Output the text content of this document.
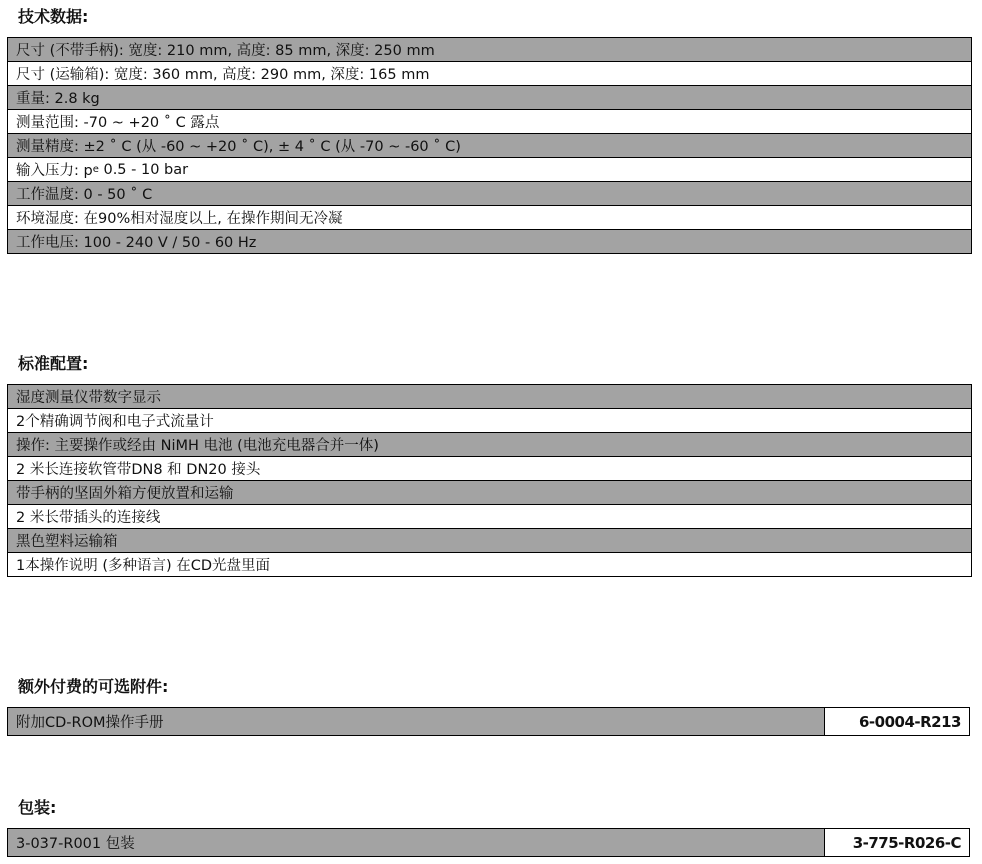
技术数据:
尺寸 (不带手柄): 宽度: 210 mm, 高度: 85 mm, 深度: 250 mm
尺寸 (运输箱): 宽度: 360 mm, 高度: 290 mm, 深度: 165 mm
重量: 2.8 kg
测量范围: -70 ~ +20 ˚ C 露点
测量精度: ±2 ˚ C (从 -60 ~ +20 ˚ C), ± 4 ˚ C (从 -70 ~ -60 ˚ C)
输入压力: p e 0.5 - 10 bar
工作温度: 0 - 50 ˚ C
环境湿度: 在90%相对湿度以上, 在操作期间无冷凝
工作电压: 100 - 240 V / 50 - 60 Hz
标准配置:
湿度测量仪带数字显示
2个精确调节阀和电子式流量计
操作: 主要操作或经由 NiMH 电池 (电池充电器合并一体)
2 米长连接软管带DN8 和 DN20 接头
带手柄的坚固外箱方便放置和运输
2 米长带插头的连接线
黑色塑料运输箱
1本操作说明 (多种语言) 在CD光盘里面
额外付费的可选附件:
附加CD-ROM操作手册	6-0004-R213
包装:
3-037-R001 包装	3-775-R026-C
